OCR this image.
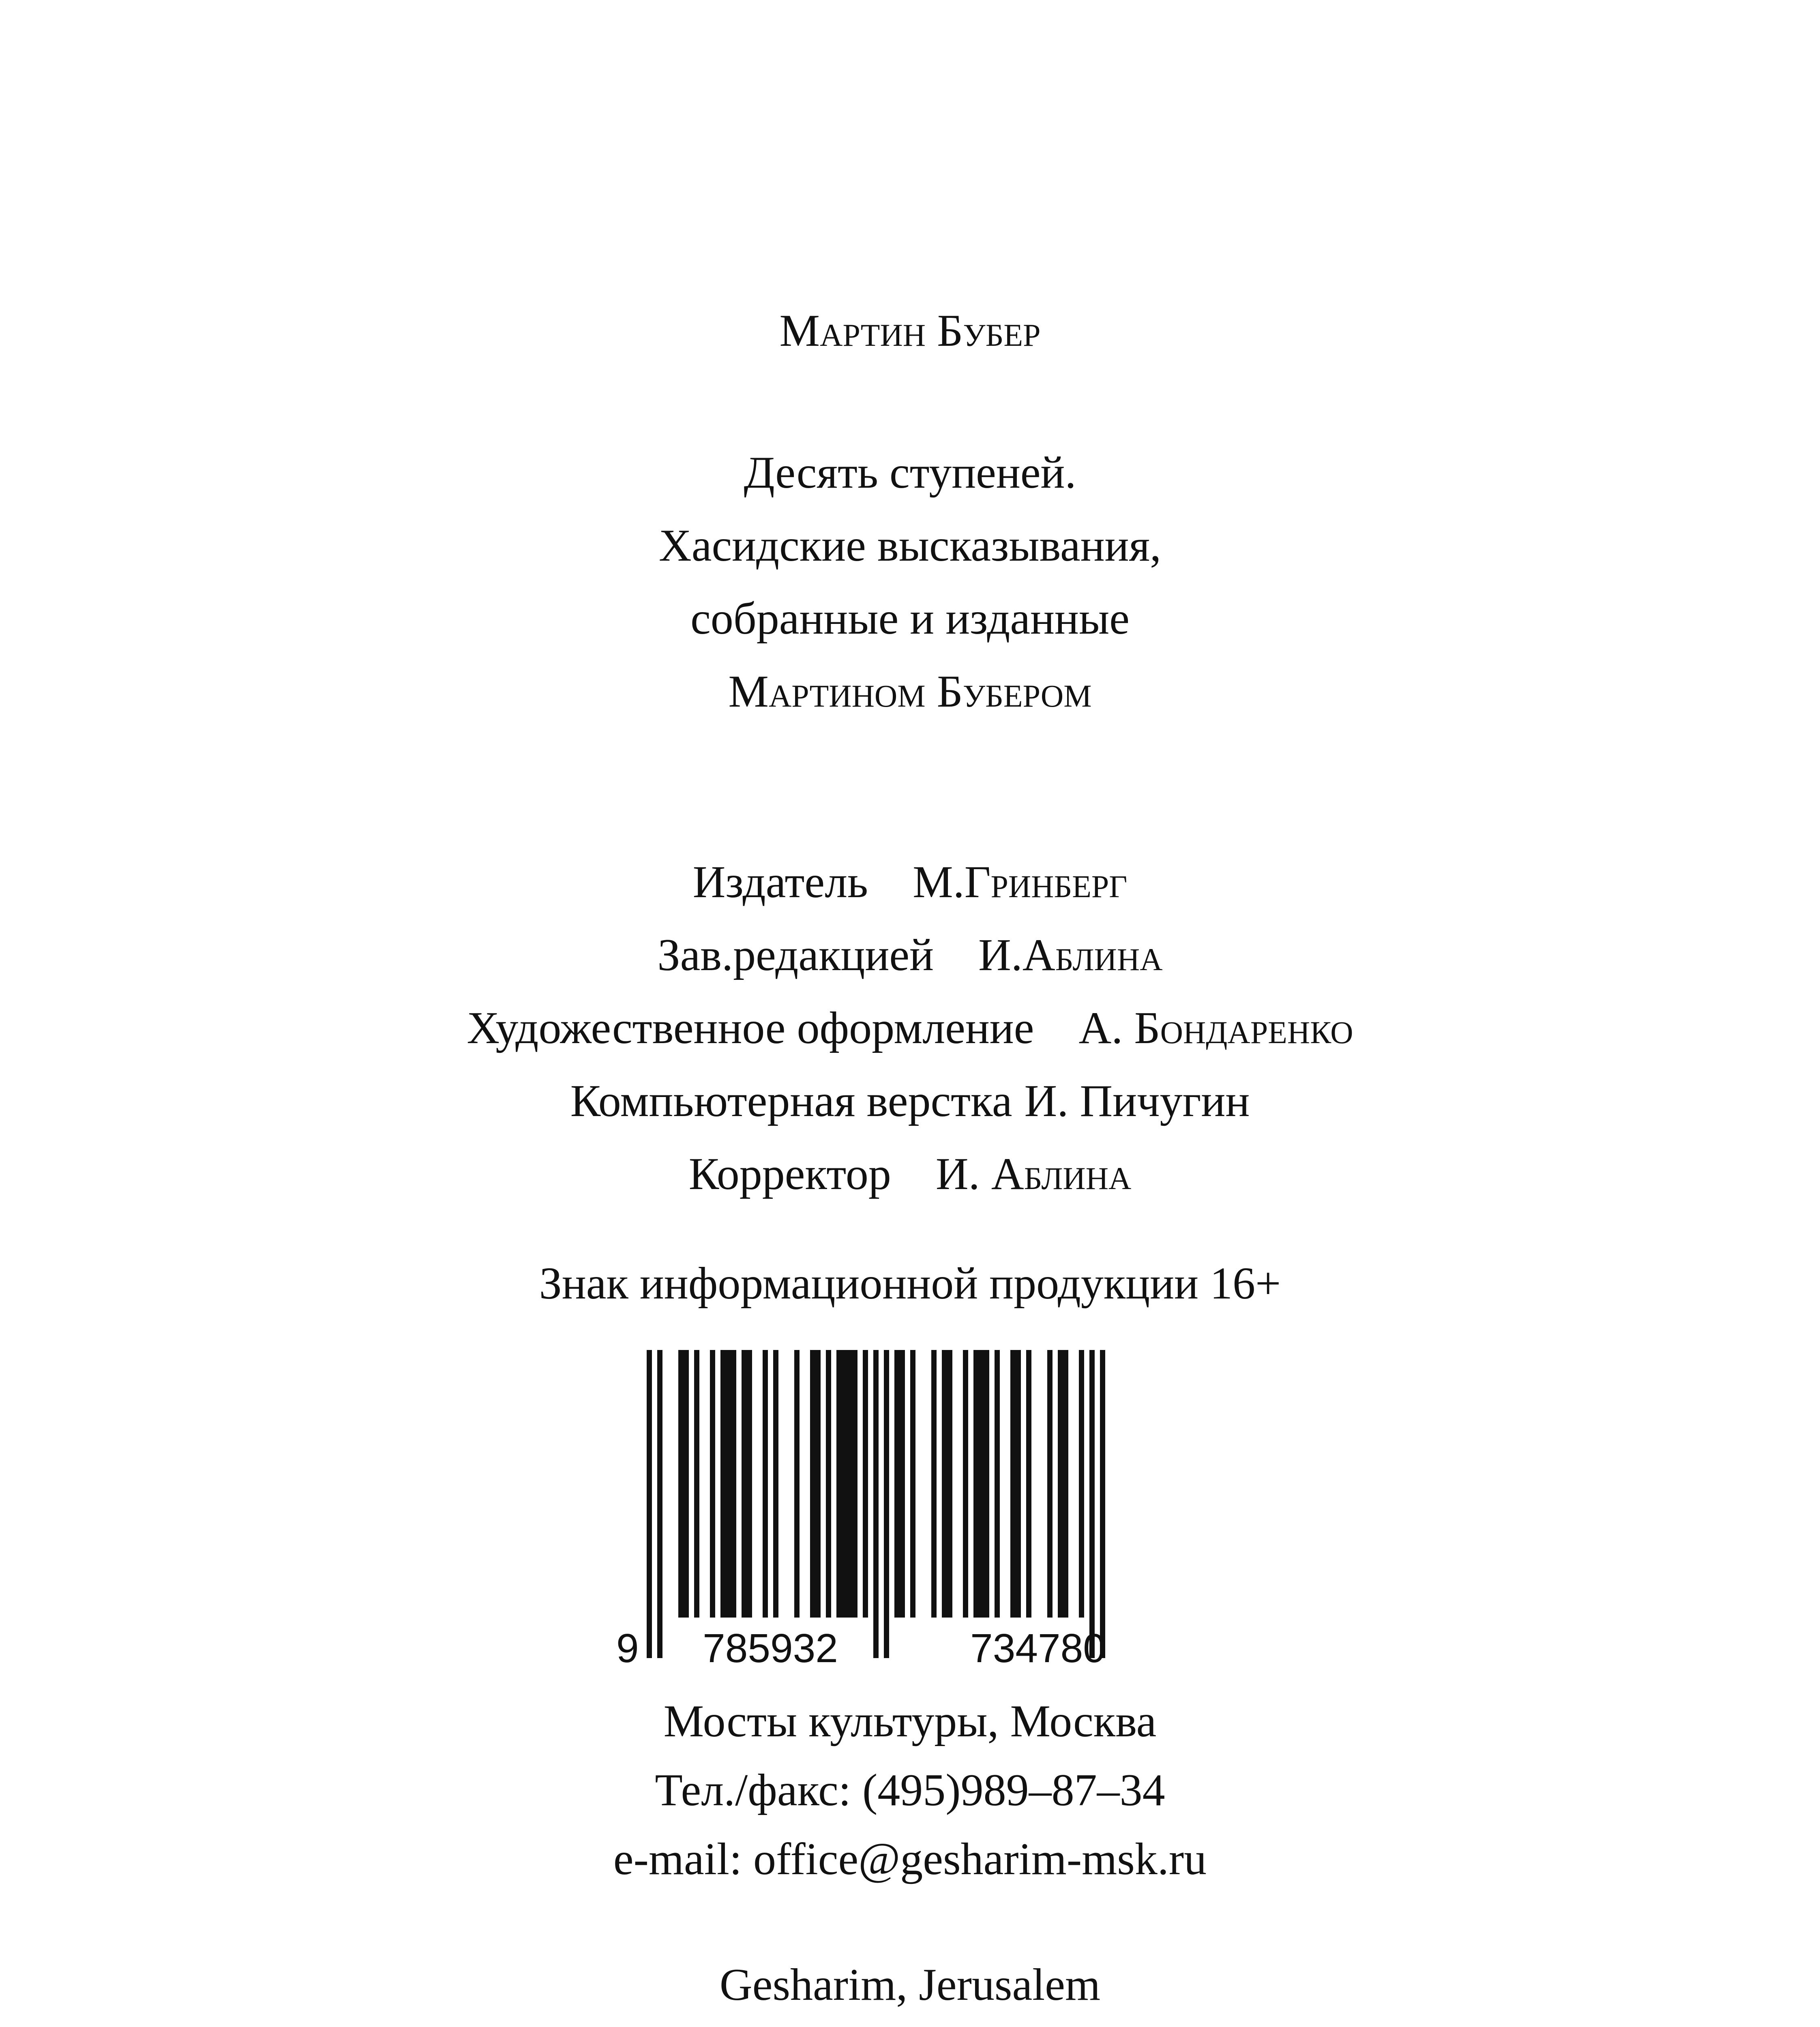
Мартин Бубер
Десять ступеней.
Хасидские высказывания,
собранные и изданные
Мартином Бубером
Издатель М.Гринберг
Зав.редакцией И.Аблина
Художественное оформление А. Бондаренко
Компьютерная верстка И. Пичугин
Корректор И. Аблина
Знак информационной продукции 16+
9 785932	734780
Мосты культуры, Москва
Тел./факс: (495)989–87–34
e-mail: office@gesharim-msk.ru
Gesharim, Jerusalem
